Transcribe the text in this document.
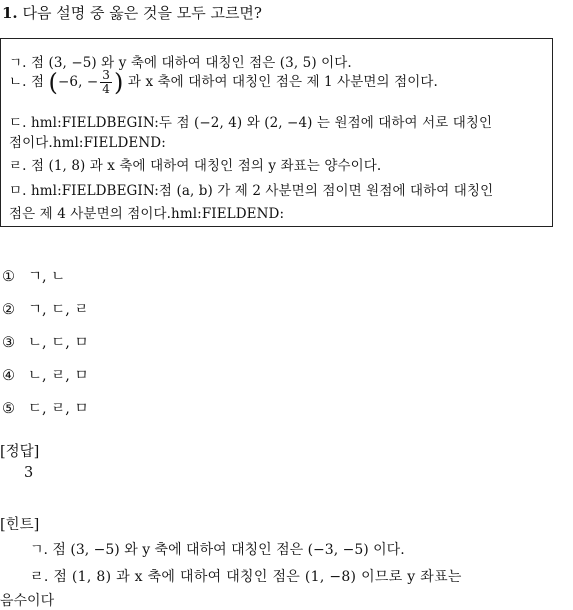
1. 다음 설명 중 옳은 것을 모두 고르면?
ㄱ. 점 (3, −5) 와 y 축에 대하여 대칭인 점은 (3, 5) 이다.
ㄴ. 점 (−6, − $\frac{3}{4}$ ) 과 x 축에 대하여 대칭인 점은 제 1 사분면의 점이다.
ㄷ. hml:FIELDBEGIN:두 점 (−2, 4) 와 (2, −4) 는 원점에 대하여 서로 대칭인
점이다.hml:FIELDEND:
ㄹ. 점 (1, 8) 과 x 축에 대하여 대칭인 점의 y 좌표는 양수이다.
ㅁ. hml:FIELDBEGIN:점 (a, b) 가 제 2 사분면의 점이면 원점에 대하여 대칭인
점은 제 4 사분면의 점이다.hml:FIELDEND:
① ㄱ, ㄴ
② ㄱ, ㄷ, ㄹ
③ ㄴ, ㄷ, ㅁ
④ ㄴ, ㄹ, ㅁ
⑤ ㄷ, ㄹ, ㅁ
[정답]
3
[힌트]
ㄱ. 점 (3, −5) 와 y 축에 대하여 대칭인 점은 (−3, −5) 이다.
ㄹ. 점 (1, 8) 과 x 축에 대하여 대칭인 점은 (1, −8) 이므로 y 좌표는
음수이다
